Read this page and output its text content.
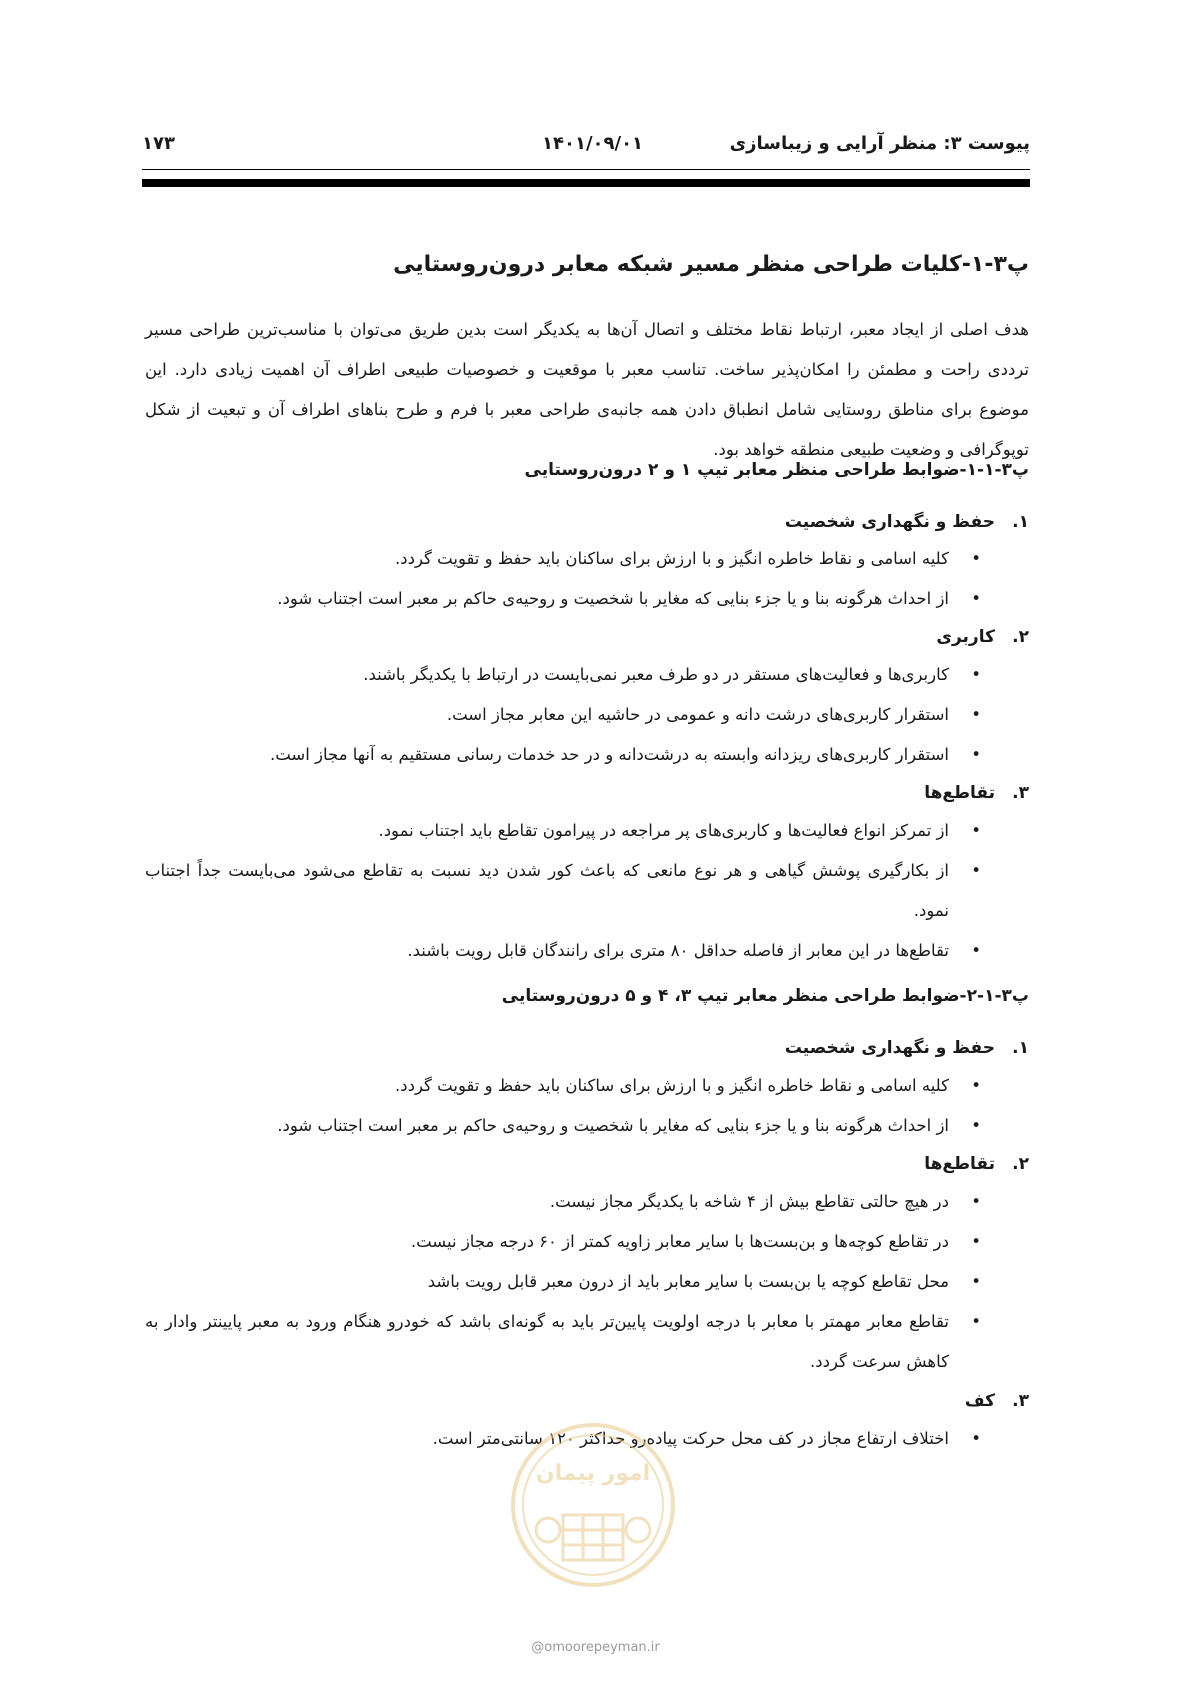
پیوست ۳: منظر آرایی و زیباسازی
۱۴۰۱/۰۹/۰۱
۱۷۳
پ۳-۱-کلیات طراحی منظر مسیر شبکه معابر درون‌روستایی
هدف اصلی از ایجاد معبر، ارتباط نقاط مختلف و اتصال آن‌ها به یکدیگر است بدین طریق می‌توان با مناسب‌ترین طراحی مسیر ترددی راحت و مطمئن را امکان‌پذیر ساخت. تناسب معبر با موقعیت و خصوصیات طبیعی اطراف آن اهمیت زیادی دارد. این موضوع برای مناطق روستایی شامل انطباق دادن همه جانبه‌ی طراحی معبر با فرم و طرح بناهای اطراف آن و تبعیت از شکل توپوگرافی و وضعیت طبیعی منطقه خواهد بود.
پ۳-۱-۱-ضوابط طراحی منظر معابر تیپ ۱ و ۲ درون‌روستایی
۱.حفظ و نگهداری شخصیت
•
کلیه اسامی و نقاط خاطره انگیز و با ارزش برای ساکنان باید حفظ و تقویت گردد.
•
از احداث هرگونه بنا و یا جزء بنایی که مغایر با شخصیت و روحیه‌ی حاکم بر معبر است اجتناب شود.
۲.کاربری
•
کاربری‌ها و فعالیت‌های مستقر در دو طرف معبر نمی‌بایست در ارتباط با یکدیگر باشند.
•
استقرار کاربری‌های درشت دانه و عمومی در حاشیه این معابر مجاز است.
•
استقرار کاربری‌های ریزدانه وابسته به درشت‌دانه و در حد خدمات رسانی مستقیم به آنها مجاز است.
۳.تقاطع‌ها
•
از تمرکز انواع فعالیت‌ها و کاربری‌های پر مراجعه در پیرامون تقاطع باید اجتناب نمود.
•
از بکارگیری پوشش گیاهی و هر نوع مانعی که باعث کور شدن دید نسبت به تقاطع می‌شود می‌بایست جداً اجتناب نمود.
•
تقاطع‌ها در این معابر از فاصله حداقل ۸۰ متری برای رانندگان قابل رویت باشند.
پ۳-۱-۲-ضوابط طراحی منظر معابر تیپ ۳، ۴ و ۵ درون‌روستایی
۱.حفظ و نگهداری شخصیت
•
کلیه اسامی و نقاط خاطره انگیز و با ارزش برای ساکنان باید حفظ و تقویت گردد.
•
از احداث هرگونه بنا و یا جزء بنایی که مغایر با شخصیت و روحیه‌ی حاکم بر معبر است اجتناب شود.
۲.تقاطع‌ها
•
در هیچ حالتی تقاطع بیش از ۴ شاخه با یکدیگر مجاز نیست.
•
در تقاطع کوچه‌ها و بن‌بست‌ها با سایر معابر زاویه کمتر از ۶۰ درجه مجاز نیست.
•
محل تقاطع کوچه یا بن‌بست با سایر معابر باید از درون معبر قابل رویت باشد
•
تقاطع معابر مهمتر با معابر با درجه اولویت پایین‌تر باید به گونه‌ای باشد که خودرو هنگام ورود به معبر پایینتر وادار به کاهش سرعت گردد.
۳.کف
•
اختلاف ارتفاع مجاز در کف محل حرکت پیاده‌رو حداکثر ۱۲۰ سانتی‌متر است.
امور پیمان
@omoorepeyman.ir
